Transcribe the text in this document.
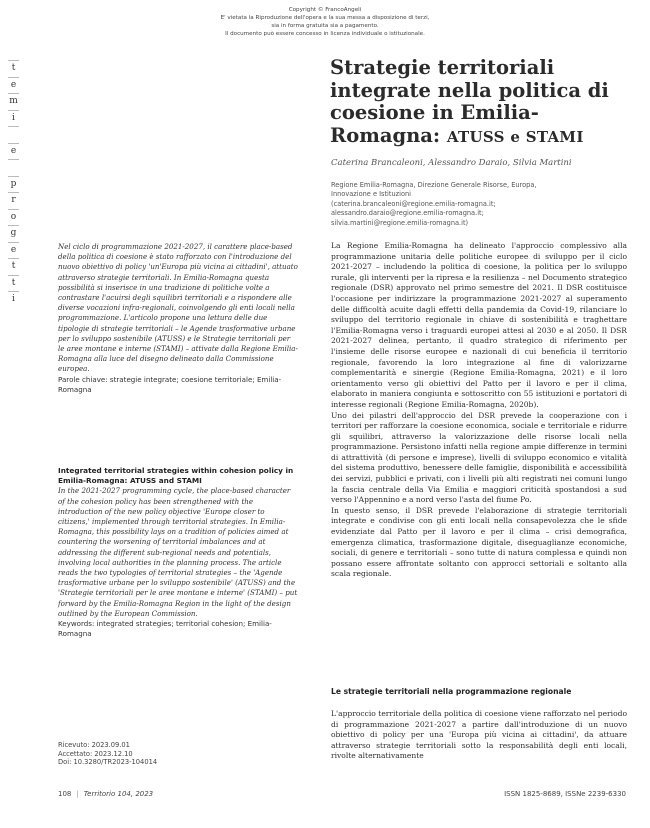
Copyright © FrancoAngeli
E' vietata la Riproduzione dell'opera e la sua messa a disposizione di terzi,
sia in forma gratuita sia a pagamento.
Il documento può essere concesso in licenza individuale o istituzionale.
t
e
m
i
e
p
r
o
g
e
t
t
i
Strategie territoriali integrate nella politica di coesione in Emilia-Romagna: ATUSS e STAMI
Caterina Brancaleoni, Alessandro Daraio, Silvia Martini
Regione Emilia-Romagna, Direzione Generale Risorse, Europa,
Innovazione e Istituzioni
(caterina.brancaleoni@regione.emilia-romagna.it;
alessandro.daraio@regione.emilia-romagna.it;
silvia.martini@regione.emilia-romagna.it)
Nel ciclo di programmazione 2021-2027, il carattere place-based della politica di coesione è stato rafforzato con l'introduzione del nuovo obiettivo di policy 'un'Europa più vicina ai cittadini', attuato attraverso strategie territoriali. In Emilia-Romagna questa possibilità si inserisce in una tradizione di politiche volte a contrastare l'acuirsi degli squilibri territoriali e a rispondere alle diverse vocazioni infra-regionali, coinvolgendo gli enti locali nella programmazione. L'articolo propone una lettura delle due tipologie di strategie territoriali – le Agende trasformative urbane per lo sviluppo sostenibile (ATUSS) e le Strategie territoriali per le aree montane e interne (STAMI) – attivate dalla Regione Emilia-Romagna alla luce del disegno delineato dalla Commissione europea.
Parole chiave: strategie integrate; coesione territoriale; Emilia-Romagna
Integrated territorial strategies within cohesion policy in Emilia-Romagna: ATUSS and STAMI
In the 2021-2027 programming cycle, the place-based character of the cohesion policy has been strengthened with the introduction of the new policy objective 'Europe closer to citizens,' implemented through territorial strategies. In Emilia-Romagna, this possibility lays on a tradition of policies aimed at countering the worsening of territorial imbalances and at addressing the different sub-regional needs and potentials, involving local authorities in the planning process. The article reads the two typologies of territorial strategies – the 'Agende trasformative urbane per lo sviluppo sostenibile' (ATUSS) and the 'Strategie territoriali per le aree montane e interne' (STAMI) – put forward by the Emilia-Romagna Region in the light of the design outlined by the European Commission.
Keywords: integrated strategies; territorial cohesion; Emilia-Romagna
Ricevuto: 2023.09.01
Accettato: 2023.12.10
Doi: 10.3280/TR2023-104014

La Regione Emilia-Romagna ha delineato l'approccio complessivo alla programmazione unitaria delle politiche europee di sviluppo per il ciclo 2021-2027 – includendo la politica di coesione, la politica per lo sviluppo rurale, gli interventi per la ripresa e la resilienza – nel Documento strategico regionale (DSR) approvato nel primo semestre del 2021. Il DSR costituisce l'occasione per indirizzare la programmazione 2021-2027 al superamento delle difficoltà acuite dagli effetti della pandemia da Covid-19, rilanciare lo sviluppo del territorio regionale in chiave di sostenibilità e traghettare l'Emilia-Romagna verso i traguardi europei attesi al 2030 e al 2050. Il DSR 2021-2027 delinea, pertanto, il quadro strategico di riferimento per l'insieme delle risorse europee e nazionali di cui beneficia il territorio regionale, favorendo la loro integrazione al fine di valorizzarne complementarità e sinergie (Regione Emilia-Romagna, 2021) e il loro orientamento verso gli obiettivi del Patto per il lavoro e per il clima, elaborato in maniera congiunta e sottoscritto con 55 istituzioni e portatori di interesse regionali (Regione Emilia-Romagna, 2020b).

Uno dei pilastri dell'approccio del DSR prevede la cooperazione con i territori per rafforzare la coesione economica, sociale e territoriale e ridurre gli squilibri, attraverso la valorizzazione delle risorse locali nella programmazione. Persistono infatti nella regione ampie differenze in termini di attrattività (di persone e imprese), livelli di sviluppo economico e vitalità del sistema produttivo, benessere delle famiglie, disponibilità e accessibilità dei servizi, pubblici e privati, con i livelli più alti registrati nei comuni lungo la fascia centrale della Via Emilia e maggiori criticità spostandosi a sud verso l'Appennino e a nord verso l'asta del fiume Po.

In questo senso, il DSR prevede l'elaborazione di strategie territoriali integrate e condivise con gli enti locali nella consapevolezza che le sfide evidenziate dal Patto per il lavoro e per il clima – crisi demografica, emergenza climatica, trasformazione digitale, diseguaglianze economiche, sociali, di genere e territoriali – sono tutte di natura complessa e quindi non possano essere affrontate soltanto con approcci settoriali e soltanto alla scala regionale.

Le strategie territoriali nella programmazione regionale
L'approccio territoriale della politica di coesione viene rafforzato nel periodo di programmazione 2021-2027 a partire dall'introduzione di un nuovo obiettivo di policy per una 'Europa più vicina ai cittadini', da attuare attraverso strategie territoriali sotto la responsabilità degli enti locali, rivolte alternativamente
108 | Territorio 104, 2023	ISSN 1825-8689, ISSNe 2239-6330
